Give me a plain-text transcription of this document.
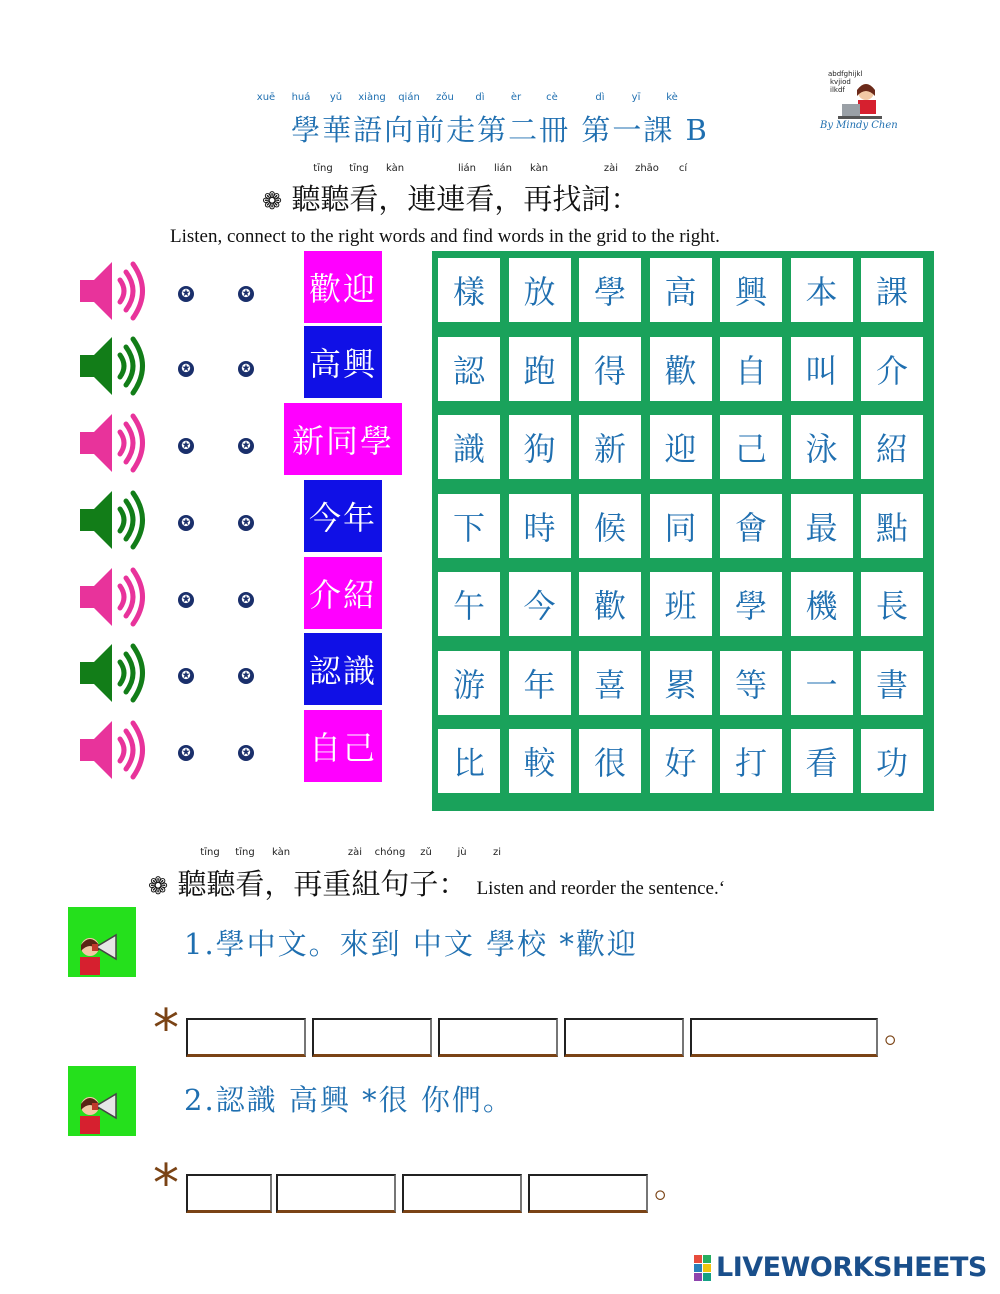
xuē huá yǔ xiàng qián zǒu dì	èr	cè	dì	yī	kè
學華語向前走第二冊 第一課 B
abdfghijkl
kvjiod
ilkdf
By Mindy Chen
tīng tīng kàn	lián lián kàn	zài zhāo cí
❁ 聽聽看，連連看，再找詞：
Listen, connect to the right words and find words in the grid to the right.
✪	✪ 歡迎
✪	✪ 高興
✪	✪ 新同學
✪	✪ 今年
✪	✪ 介紹
✪	✪ 認識
✪	✪ 自己
樣	放	學	高	興	本	課
認	跑	得	歡	自	叫	介
識	狗	新	迎	己	泳	紹
下	時	候	同	會	最	點
午	今	歡	班	學	機	長
游	年	喜	累	等	一	書
比	較	很	好	打	看	功
tīng tīng kàn	zài chóng zǔ	jù	zi
❁ 聽聽看，再重組句子： Listen and reorder the sentence.‘
1.學中文。來到 中文 學校 *歡迎
*	。
2.認識 高興 *很 你們。
*	。
LIVEWORKSHEETS
